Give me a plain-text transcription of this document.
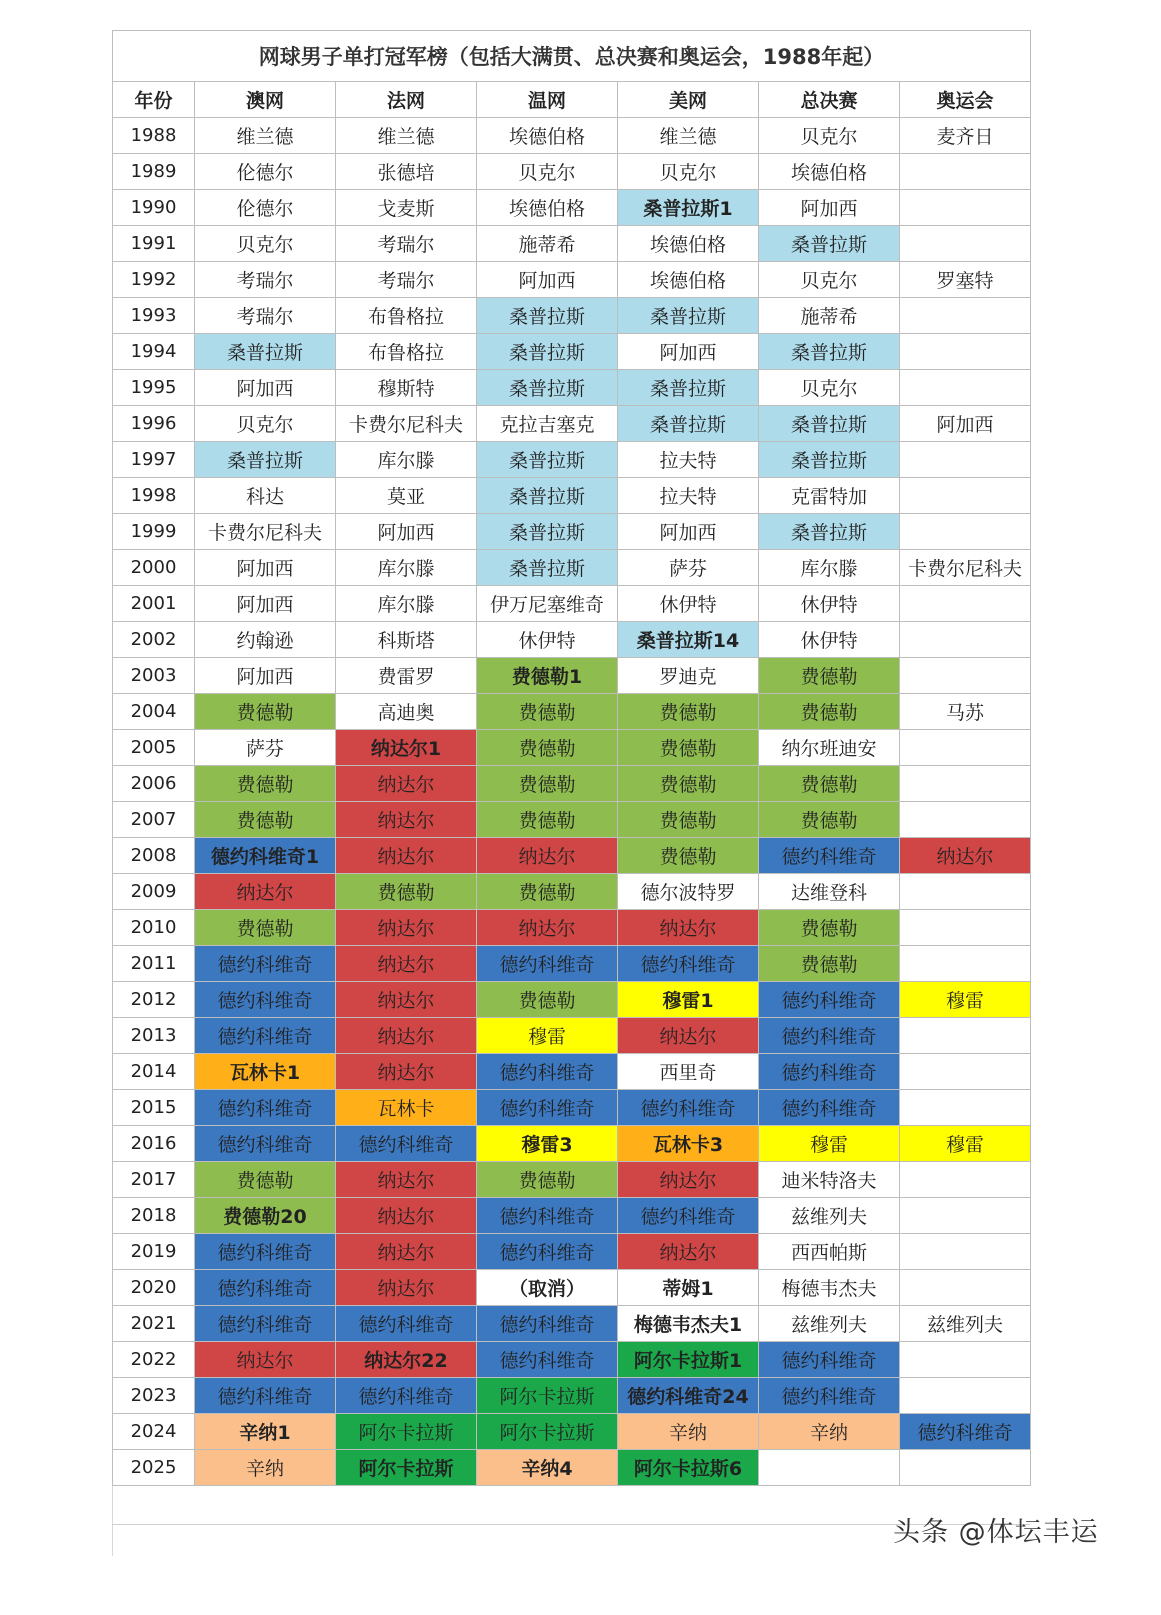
网球男子单打冠军榜（包括大满贯、总决赛和奥运会，1988年起）						
年份	澳网	法网	温网	美网	总决赛	奥运会
1988	维兰德	维兰德	埃德伯格	维兰德	贝克尔	麦齐日
1989	伦德尔	张德培	贝克尔	贝克尔	埃德伯格	
1990	伦德尔	戈麦斯	埃德伯格	桑普拉斯1	阿加西	
1991	贝克尔	考瑞尔	施蒂希	埃德伯格	桑普拉斯	
1992	考瑞尔	考瑞尔	阿加西	埃德伯格	贝克尔	罗塞特
1993	考瑞尔	布鲁格拉	桑普拉斯	桑普拉斯	施蒂希	
1994	桑普拉斯	布鲁格拉	桑普拉斯	阿加西	桑普拉斯	
1995	阿加西	穆斯特	桑普拉斯	桑普拉斯	贝克尔	
1996	贝克尔	卡费尔尼科夫	克拉吉塞克	桑普拉斯	桑普拉斯	阿加西
1997	桑普拉斯	库尔滕	桑普拉斯	拉夫特	桑普拉斯	
1998	科达	莫亚	桑普拉斯	拉夫特	克雷特加	
1999	卡费尔尼科夫	阿加西	桑普拉斯	阿加西	桑普拉斯	
2000	阿加西	库尔滕	桑普拉斯	萨芬	库尔滕	卡费尔尼科夫
2001	阿加西	库尔滕	伊万尼塞维奇	休伊特	休伊特	
2002	约翰逊	科斯塔	休伊特	桑普拉斯14	休伊特	
2003	阿加西	费雷罗	费德勒1	罗迪克	费德勒	
2004	费德勒	高迪奥	费德勒	费德勒	费德勒	马苏
2005	萨芬	纳达尔1	费德勒	费德勒	纳尔班迪安	
2006	费德勒	纳达尔	费德勒	费德勒	费德勒	
2007	费德勒	纳达尔	费德勒	费德勒	费德勒	
2008	德约科维奇1	纳达尔	纳达尔	费德勒	德约科维奇	纳达尔
2009	纳达尔	费德勒	费德勒	德尔波特罗	达维登科	
2010	费德勒	纳达尔	纳达尔	纳达尔	费德勒	
2011	德约科维奇	纳达尔	德约科维奇	德约科维奇	费德勒	
2012	德约科维奇	纳达尔	费德勒	穆雷1	德约科维奇	穆雷
2013	德约科维奇	纳达尔	穆雷	纳达尔	德约科维奇	
2014	瓦林卡1	纳达尔	德约科维奇	西里奇	德约科维奇	
2015	德约科维奇	瓦林卡	德约科维奇	德约科维奇	德约科维奇	
2016	德约科维奇	德约科维奇	穆雷3	瓦林卡3	穆雷	穆雷
2017	费德勒	纳达尔	费德勒	纳达尔	迪米特洛夫	
2018	费德勒20	纳达尔	德约科维奇	德约科维奇	兹维列夫	
2019	德约科维奇	纳达尔	德约科维奇	纳达尔	西西帕斯	
2020	德约科维奇	纳达尔	（取消）	蒂姆1	梅德韦杰夫	
2021	德约科维奇	德约科维奇	德约科维奇	梅德韦杰夫1	兹维列夫	兹维列夫
2022	纳达尔	纳达尔22	德约科维奇	阿尔卡拉斯1	德约科维奇	
2023	德约科维奇	德约科维奇	阿尔卡拉斯	德约科维奇24	德约科维奇	
2024	辛纳1	阿尔卡拉斯	阿尔卡拉斯	辛纳	辛纳	德约科维奇
2025	辛纳	阿尔卡拉斯	辛纳4	阿尔卡拉斯6		
头条 @体坛丰运
